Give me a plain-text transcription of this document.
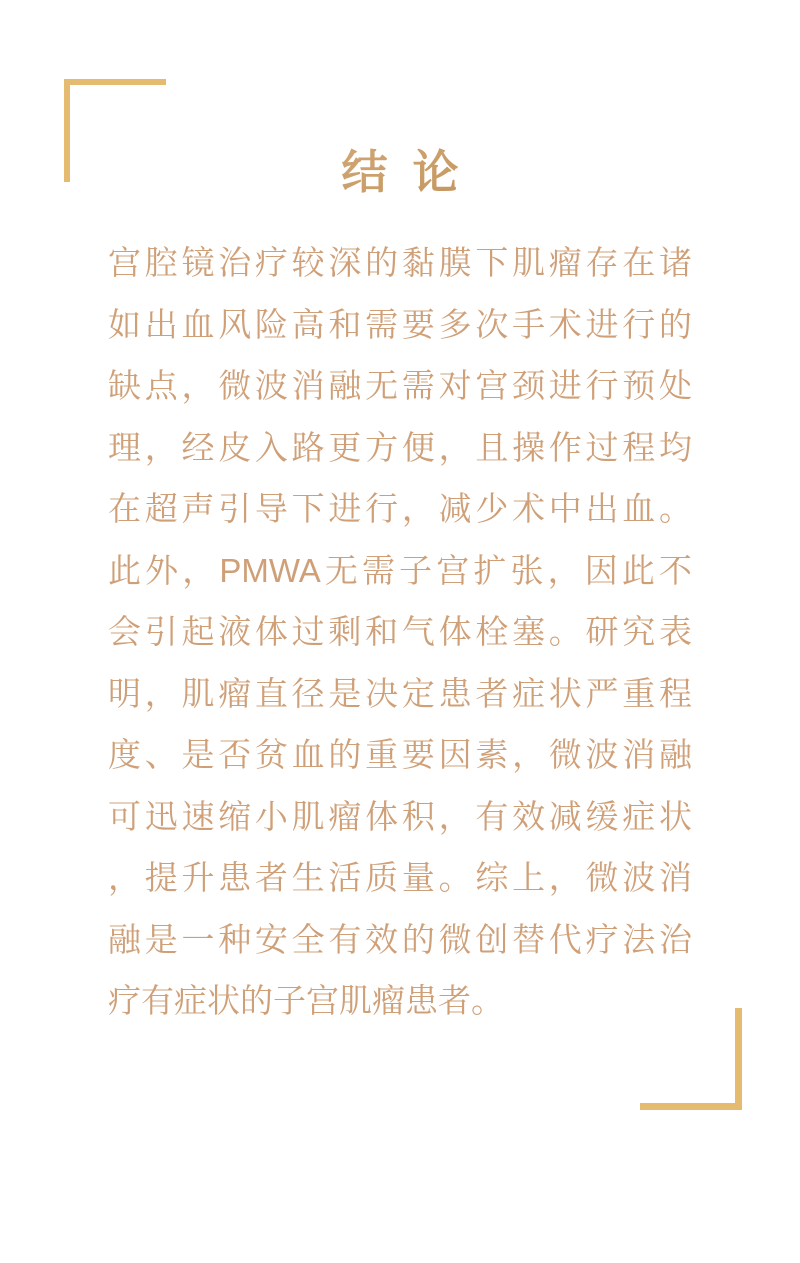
结 论
宫腔镜治疗较深的黏膜下肌瘤存在诸
如出血风险高和需要多次手术进行的
缺点，微波消融无需对宫颈进行预处
理，经皮入路更方便，且操作过程均
在超声引导下进行，减少术中出血。
此外，PMWA无需子宫扩张，因此不
会引起液体过剩和气体栓塞。研究表
明，肌瘤直径是决定患者症状严重程
度、是否贫血的重要因素，微波消融
可迅速缩小肌瘤体积，有效减缓症状
，提升患者生活质量。综上，微波消
融是一种安全有效的微创替代疗法治
疗有症状的子宫肌瘤患者。
